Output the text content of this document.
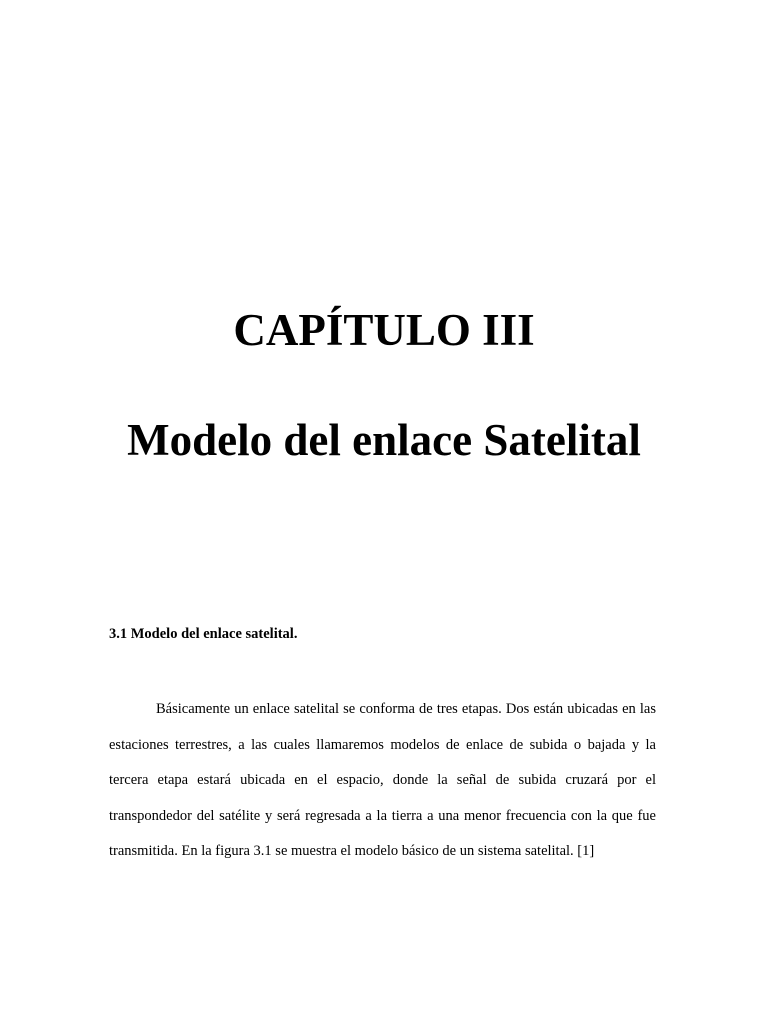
CAPÍTULO III
Modelo del enlace Satelital
3.1 Modelo del enlace satelital.

Básicamente un enlace satelital se conforma de tres etapas. Dos están ubicadas en las estaciones terrestres, a las cuales llamaremos modelos de enlace de subida o bajada y la tercera etapa estará ubicada en el espacio, donde la señal de subida cruzará por el transpondedor del satélite y será regresada a la tierra a una menor frecuencia con la que fue transmitida. En la figura 3.1 se muestra el modelo básico de un sistema satelital. [1]
